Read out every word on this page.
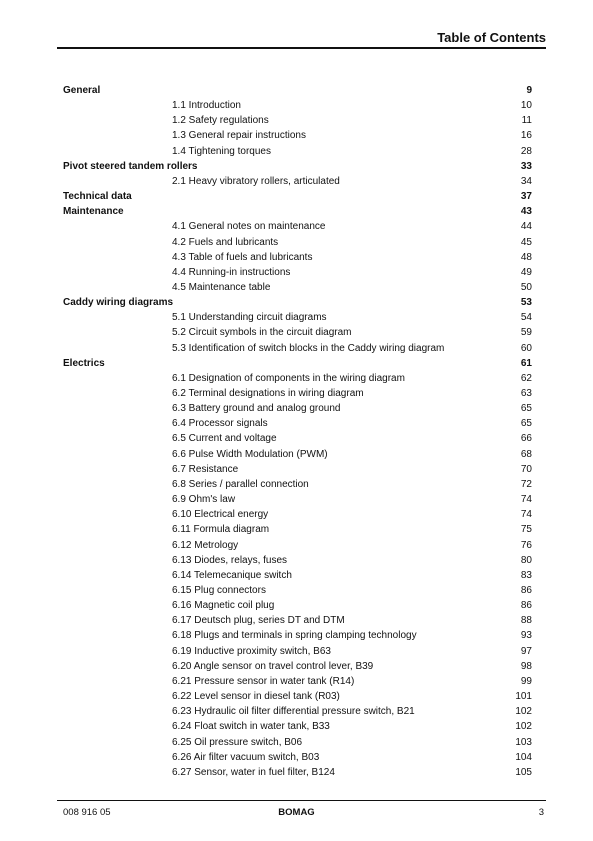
Table of Contents
General	9
1.1 Introduction	10
1.2 Safety regulations	11
1.3 General repair instructions	16
1.4 Tightening torques	28
Pivot steered tandem rollers	33
2.1 Heavy vibratory rollers, articulated	34
Technical data	37
Maintenance	43
4.1 General notes on maintenance	44
4.2 Fuels and lubricants	45
4.3 Table of fuels and lubricants	48
4.4 Running-in instructions	49
4.5 Maintenance table	50
Caddy wiring diagrams	53
5.1 Understanding circuit diagrams	54
5.2 Circuit symbols in the circuit diagram	59
5.3 Identification of switch blocks in the Caddy wiring diagram	60
Electrics	61
6.1 Designation of components in the wiring diagram	62
6.2 Terminal designations in wiring diagram	63
6.3 Battery ground and analog ground	65
6.4 Processor signals	65
6.5 Current and voltage	66
6.6 Pulse Width Modulation (PWM)	68
6.7 Resistance	70
6.8 Series / parallel connection	72
6.9 Ohm's law	74
6.10 Electrical energy	74
6.11 Formula diagram	75
6.12 Metrology	76
6.13 Diodes, relays, fuses	80
6.14 Telemecanique switch	83
6.15 Plug connectors	86
6.16 Magnetic coil plug	86
6.17 Deutsch plug, series DT and DTM	88
6.18 Plugs and terminals in spring clamping technology	93
6.19 Inductive proximity switch, B63	97
6.20 Angle sensor on travel control lever, B39	98
6.21 Pressure sensor in water tank (R14)	99
6.22 Level sensor in diesel tank (R03)	101
6.23 Hydraulic oil filter differential pressure switch, B21	102
6.24 Float switch in water tank, B33	102
6.25 Oil pressure switch, B06	103
6.26 Air filter vacuum switch, B03	104
6.27 Sensor, water in fuel filter, B124	105
008 916 05	BOMAG	3
